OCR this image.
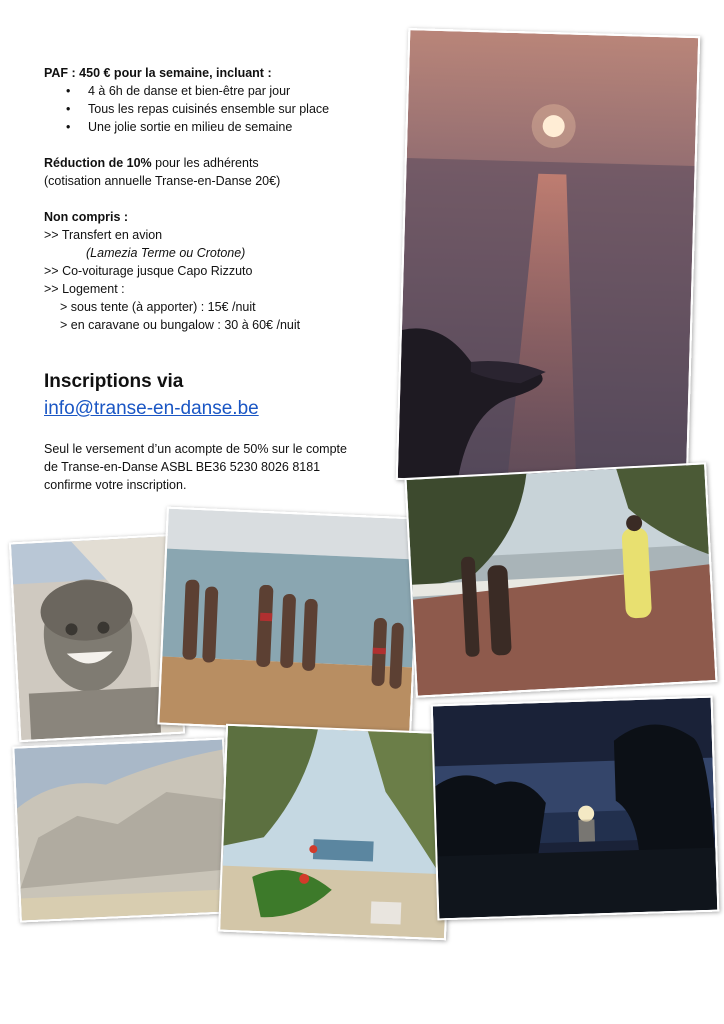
PAF : 450 € pour la semaine, incluant :
• 4 à 6h de danse et bien-être par jour
• Tous les repas cuisinés ensemble sur place
• Une jolie sortie en milieu de semaine
Réduction de 10% pour les adhérents
(cotisation annuelle Transe-en-Danse 20€)
Non compris :
>> Transfert en avion
(Lamezia Terme ou Crotone)
>> Co-voiturage jusque Capo Rizzuto
>> Logement :
> sous tente (à apporter) : 15€ /nuit
> en caravane ou bungalow : 30 à 60€ /nuit
Inscriptions via
info@transe-en-danse.be
Seul le versement d’un acompte de 50% sur le compte
de Transe-en-Danse ASBL BE36 5230 8026 8181
confirme votre inscription.
